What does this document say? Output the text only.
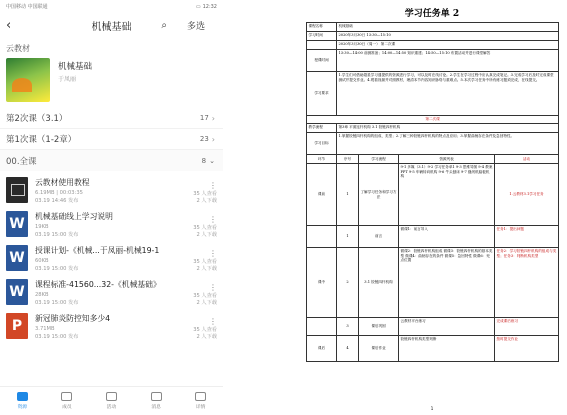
中国移动 中国联通	▭ 12:32
‹	机械基础	⌕ 多选
云教材
机械基础
于凤丽
第2次课（3.1）	17 ›
第1次课（1-2章）	23 ›
00.全课	8 ⌄
云教材使用教程
6.19MB | 00:03:35	35 人查看
03.19 14:46 发布	2 人下载
⋮
W	机械基础线上学习说明
19KB	35 人查看
03.19 15:00 发布	2 人下载
⋮
W	授课计划-《机械...于凤丽-机械19-1
60KB	35 人查看
03.19 15:00 发布	2 人下载
⋮
W	课程标准-41560...32-《机械基础》
28KB	35 人查看
03.19 15:00 发布	2 人下载
⋮
P	新冠肺炎防控知多少4
3.71MB	35 人查看
03.19 15:00 发布	2 人下载
⋮
资源	成员	活动	消息	详情
学习任务单 2
课程名称	机械基础			
学习时间	2020年3月30日 13:30—15:10			
	2020年3月30日（周一） 第二次课			
授课时间	13:30—14:00 前测准备；14:00—14:50 知识重建；14:50—15:10 布置活动并进行课堂解答			
学习要求	1.学生们可借助超星学习通提供的资源进行学习，可以及时在线讨论。2.学生在学习过程中应认真完成笔记。3.完成学习后及时完成课堂测试并提交作业。4.观看视频并对照教材，理清本节内容知识脉络与重难点。5.本次学习任务中所有练习题须完成，在线提交。			
第二次课				
教学流程	第3章 平面连杆机构 3.1 铰链四杆机构			
学习目标	1.掌握铰链四杆机构的组成、类型；2.了解三种铰链四杆机构的特点及应用；3.掌握曲柄存在条件及急回特性。			
环节	序号	学习流程	资源列表	活动
课前	1	了解学习任务和学习方法	9-1 多媒（3.1）9-2 学习任务单1 9-3 思维导图 9-4 教案PPT 9-5 车辆转向机构 9-6 牛头刨床 9-7 缝纫机踏板机构	1.云教材3.1学习任务
	1	前言	微课1：前言导入	任务1：提出问题
课中	2	3.1 铰链四杆机构	微课2：铰链四杆机构组成 微课3：铰链四杆机构的基本类型 微课4：曲柄存在的条件 微课5：急回特性 微课6：死点位置	任务2：学习铰链四杆机构的组成与类型；任务3：判断机构类型
	3	课后巩固	云教材平台练习	完成课后练习
课后	4	课后作业	铰链四杆机构类型判断	按时提交作业
1
